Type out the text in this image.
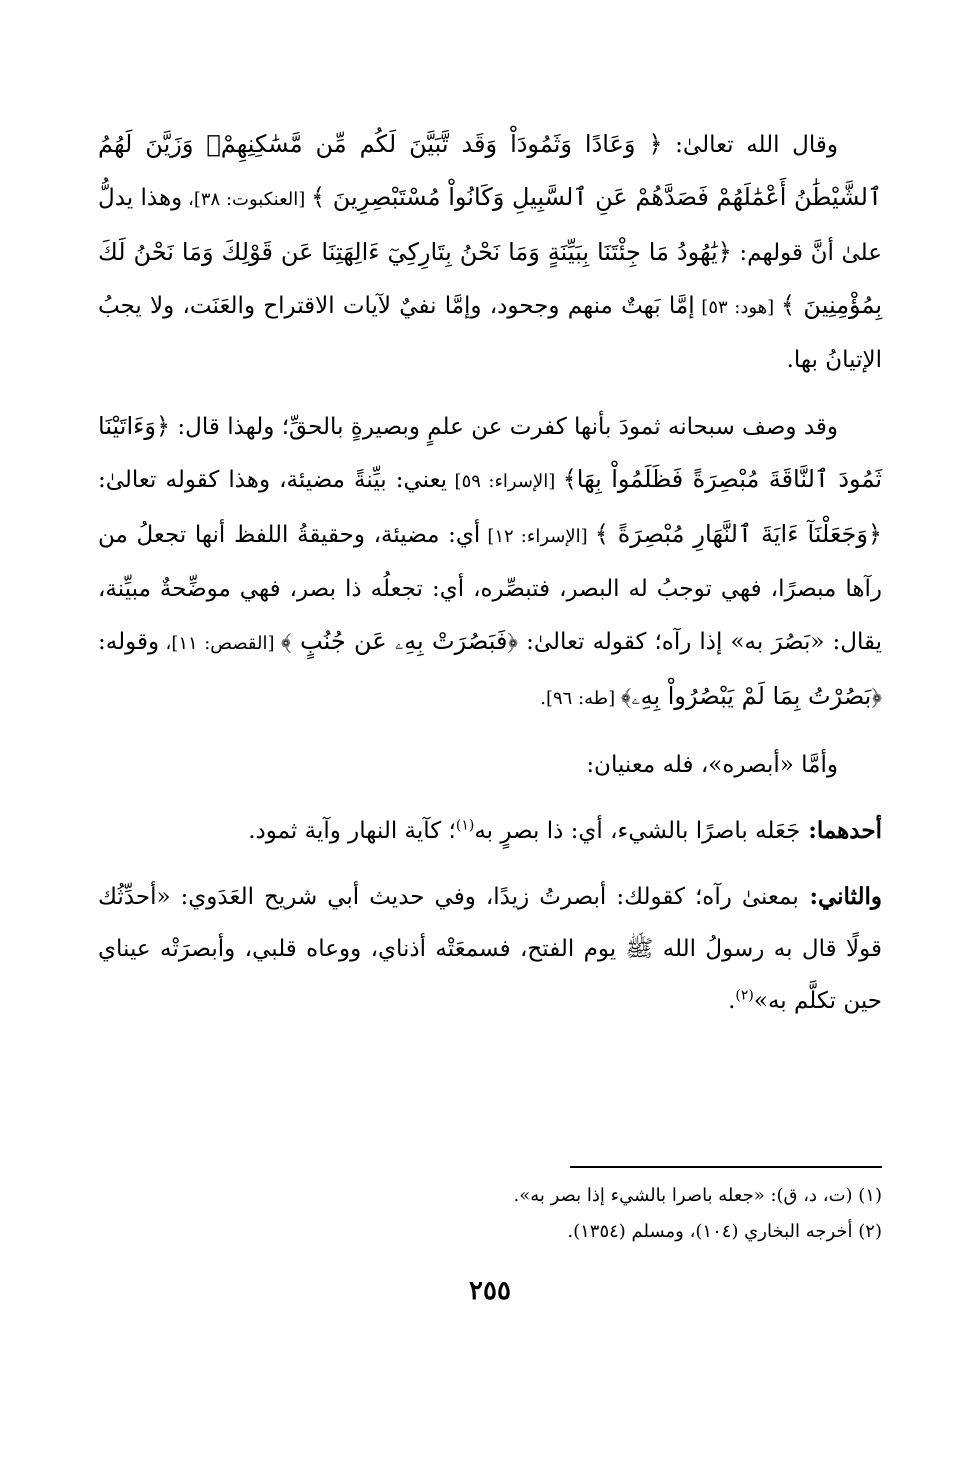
وقال الله تعالىٰ: ﴿ وَعَادًا وَثَمُودَاْ وَقَد تَّبَيَّنَ لَكُم مِّن مَّسَٰكِنِهِمْۖ وَزَيَّنَ لَهُمُ ٱلشَّيْطَٰنُ أَعْمَٰلَهُمْ فَصَدَّهُمْ عَنِ ٱلسَّبِيلِ وَكَانُواْ مُسْتَبْصِرِينَ ﴾ [العنكبوت: ٣٨]، وهذا يدلُّ علىٰ أنَّ قولهم: ﴿يَٰهُودُ مَا جِئْتَنَا بِبَيِّنَةٍ وَمَا نَحْنُ بِتَارِكِيٓ ءَالِهَتِنَا عَن قَوْلِكَ وَمَا نَحْنُ لَكَ بِمُؤْمِنِينَ ﴾ [هود: ٥٣] إمَّا بَهتٌ منهم وجحود، وإمَّا نفيٌ لآيات الاقتراح والعَنَت، ولا يجبُ الإتيانُ بها.

وقد وصف سبحانه ثمودَ بأنها كفرت عن علمٍ وبصيرةٍ بالحقِّ؛ ولهذا قال: ﴿وَءَاتَيْنَا ثَمُودَ ٱلنَّاقَةَ مُبْصِرَةً فَظَلَمُواْ بِهَا﴾ [الإسراء: ٥٩] يعني: بيِّنةً مضيئة، وهذا كقوله تعالىٰ: ﴿وَجَعَلْنَآ ءَايَةَ ٱلنَّهَارِ مُبْصِرَةً ﴾ [الإسراء: ١٢] أي: مضيئة، وحقيقةُ اللفظ أنها تجعلُ من رآها مبصرًا، فهي توجبُ له البصر، فتبصِّره، أي: تجعلُه ذا بصر، فهي موضِّحةٌ مبيِّنة، يقال: «بَصُرَ به» إذا رآه؛ كقوله تعالىٰ: ﴿فَبَصُرَتْ بِهِۦ عَن جُنُبٍ ﴾ [القصص: ١١]، وقوله: ﴿بَصُرْتُ بِمَا لَمْ يَبْصُرُواْ بِهِۦ﴾ [طه: ٩٦].

وأمَّا «أبصره»، فله معنيان:

أحدهما: جَعَله باصرًا بالشيء، أي: ذا بصرٍ به$^{(١)}$؛ كآية النهار وآية ثمود.

والثاني: بمعنىٰ رآه؛ كقولك: أبصرتُ زيدًا، وفي حديث أبي شريح العَدَوي: «أحدِّثُك قولًا قال به رسولُ الله ﷺ يوم الفتح، فسمعَتْه أذناي، ووعاه قلبي، وأبصرَتْه عيناي حين تكلَّم به»$^{(٢)}$.

(١) (ت، د، ق): «جعله باصرا بالشيء إذا بصر به».

(٢) أخرجه البخاري (١٠٤)، ومسلم (١٣٥٤).

٢٥٥
